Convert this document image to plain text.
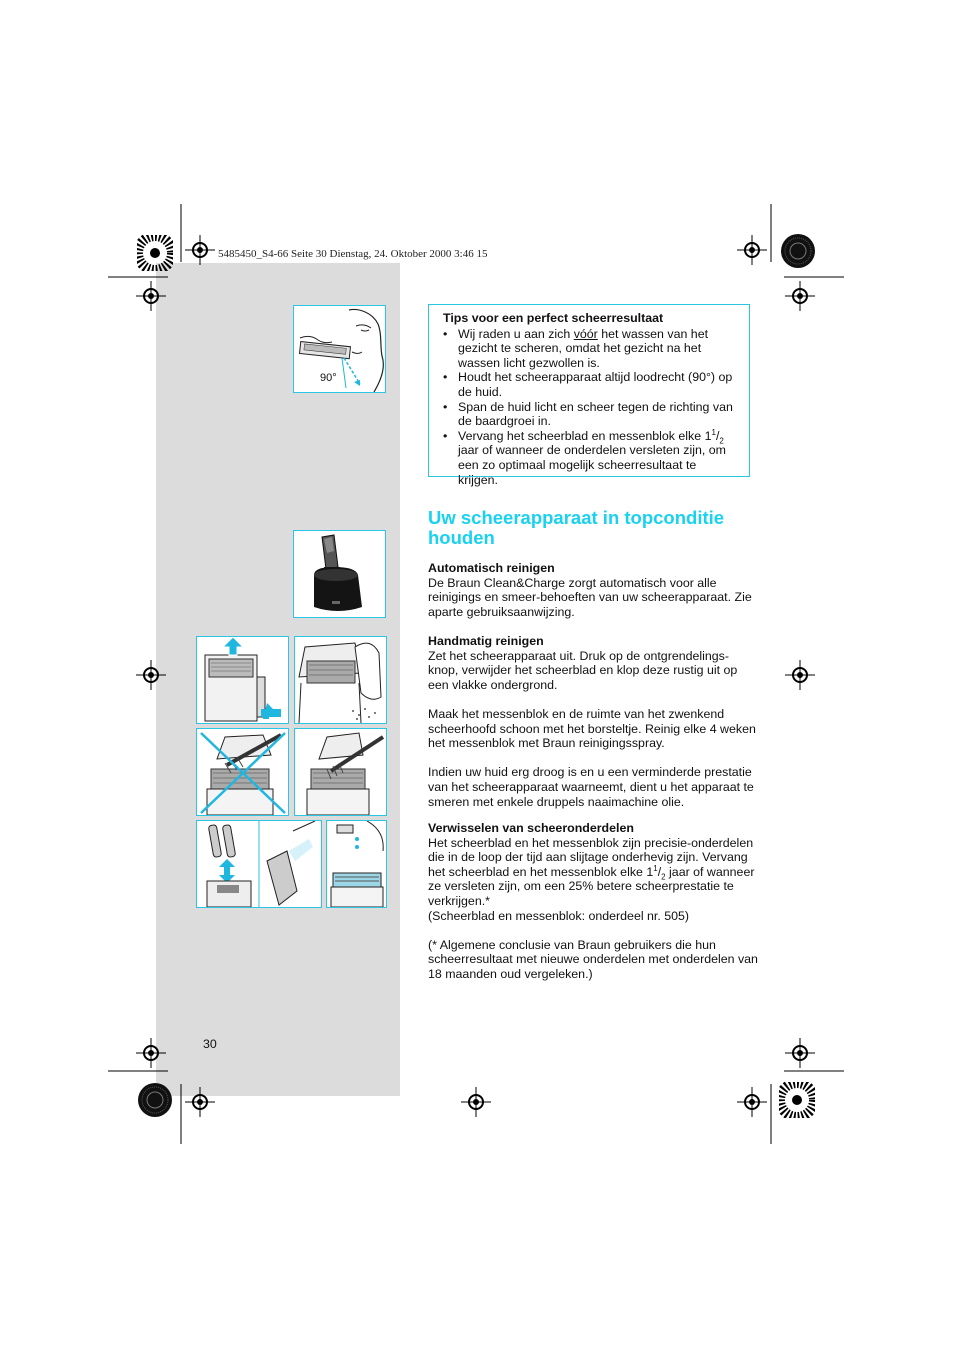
5485450_S4-66 Seite 30 Dienstag, 24. Oktober 2000 3:46 15
90°
Tips voor een perfect scheerresultaat
• Wij raden u aan zich vóór het wassen van het gezicht te scheren, omdat het gezicht na het wassen licht gezwollen is.
• Houdt het scheerapparaat altijd loodrecht (90°) op de huid.
• Span de huid licht en scheer tegen de richting van de baardgroei in.
• Vervang het scheerblad en messenblok elke $1^1/_2$ jaar of wanneer de onderdelen versleten zijn, om een zo optimaal mogelijk scheerresultaat te krijgen.
Uw scheerapparaat in topconditie houden
Automatisch reinigen

De Braun Clean&Charge zorgt automatisch voor alle reinigings en smeer-behoeften van uw scheerapparaat. Zie aparte gebruiksaanwijzing.

Handmatig reinigen

Zet het scheerapparaat uit. Druk op de ontgrendelings-knop, verwijder het scheerblad en klop deze rustig uit op een vlakke ondergrond.

Maak het messenblok en de ruimte van het zwenkend scheerhoofd schoon met het borsteltje. Reinig elke 4 weken het messenblok met Braun reinigingsspray.

Indien uw huid erg droog is en u een verminderde prestatie van het scheerapparaat waarneemt, dient u het apparaat te smeren met enkele druppels naaimachine olie.

Verwisselen van scheeronderdelen

Het scheerblad en het messenblok zijn precisie-onderdelen die in de loop der tijd aan slijtage onderhevig zijn. Vervang het scheerblad en het messenblok elke $1^1/_2$ jaar of wanneer ze versleten zijn, om een 25% betere scheerprestatie te verkrijgen.*

(Scheerblad en messenblok: onderdeel nr. 505)

(* Algemene conclusie van Braun gebruikers die hun scheerresultaat met nieuwe onderdelen met onderdelen van 18 maanden oud vergeleken.)

30
